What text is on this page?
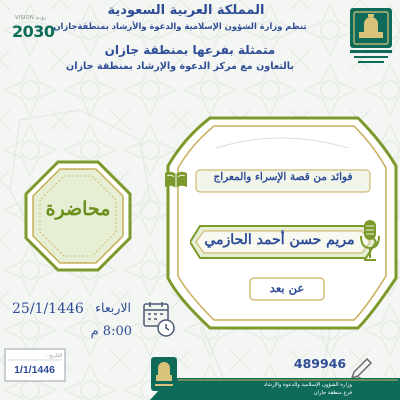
VISION رؤيـة
2030
المملكة العربية السعودية
تنظم وزارة الشؤون الإسلامية والدعوة والأرشاد بمنطقةجازان
متمثلة بفرعها بمنطقة جازان
بالتعاون مع مركز الدعوة والإرشاد بمنطقة جازان
محاضرة
فوائد من قصة الإسراء والمعراج
مريم حسن أحمد الحازمي
عن بعد
الاربعاء
25/1/1446
8:00 م
التاريخ :
1/1/1446	489946
وزارة الشؤون الإسلامية والدعوة والإرشاد
فرع منطقة جازان
